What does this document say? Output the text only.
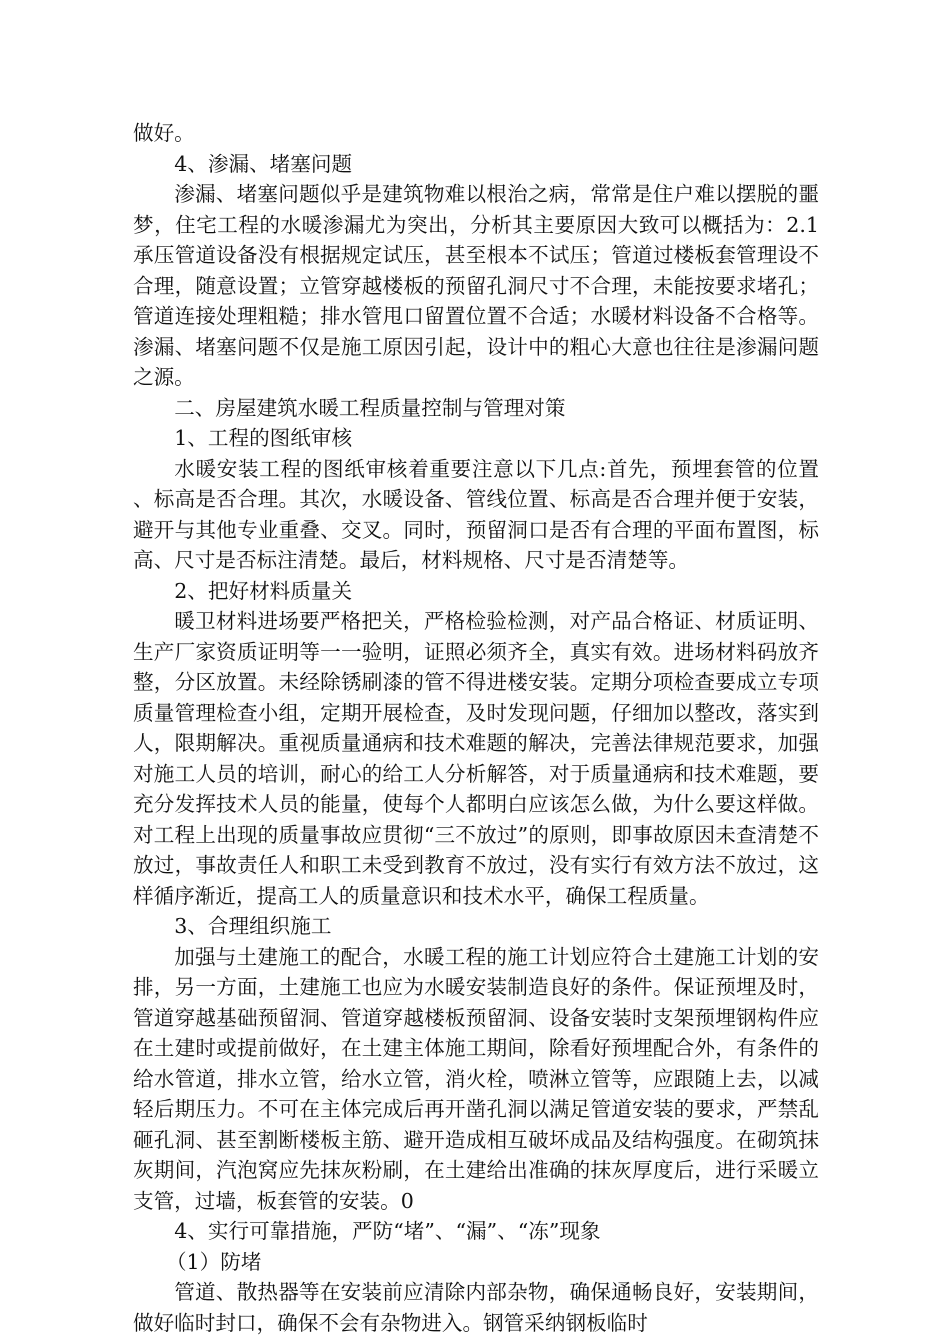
做好。

4、渗漏、堵塞问题

渗漏、堵塞问题似乎是建筑物难以根治之病，常常是住户难以摆脱的噩梦，住宅工程的水暖渗漏尤为突出，分析其主要原因大致可以概括为：2.1承压管道设备没有根据规定试压，甚至根本不试压；管道过楼板套管理设不合理，随意设置；立管穿越楼板的预留孔洞尺寸不合理，未能按要求堵孔；管道连接处理粗糙；排水管甩口留置位置不合适；水暖材料设备不合格等。渗漏、堵塞问题不仅是施工原因引起，设计中的粗心大意也往往是渗漏问题之源。

二、房屋建筑水暖工程质量控制与管理对策

1、工程的图纸审核

水暖安装工程的图纸审核着重要注意以下几点:首先，预埋套管的位置、标高是否合理。其次，水暖设备、管线位置、标高是否合理并便于安装，避开与其他专业重叠、交叉。同时，预留洞口是否有合理的平面布置图，标高、尺寸是否标注清楚。最后，材料规格、尺寸是否清楚等。

2、把好材料质量关

暖卫材料进场要严格把关，严格检验检测，对产品合格证、材质证明、生产厂家资质证明等一一验明，证照必须齐全，真实有效。进场材料码放齐整，分区放置。未经除锈刷漆的管不得进楼安装。定期分项检查要成立专项质量管理检查小组，定期开展检查，及时发现问题，仔细加以整改，落实到人，限期解决。重视质量通病和技术难题的解决，完善法律规范要求，加强对施工人员的培训，耐心的给工人分析解答，对于质量通病和技术难题，要充分发挥技术人员的能量，使每个人都明白应该怎么做，为什么要这样做。对工程上出现的质量事故应贯彻“三不放过”的原则，即事故原因未查清楚不放过，事故责任人和职工未受到教育不放过，没有实行有效方法不放过，这样循序渐近，提高工人的质量意识和技术水平，确保工程质量。

3、合理组织施工

加强与土建施工的配合，水暖工程的施工计划应符合土建施工计划的安排，另一方面，土建施工也应为水暖安装制造良好的条件。保证预埋及时，管道穿越基础预留洞、管道穿越楼板预留洞、设备安装时支架预埋钢构件应在土建时或提前做好，在土建主体施工期间，除看好预埋配合外，有条件的给水管道，排水立管，给水立管，消火栓，喷淋立管等，应跟随上去，以减轻后期压力。不可在主体完成后再开凿孔洞以满足管道安装的要求，严禁乱砸孔洞、甚至割断楼板主筋、避开造成相互破坏成品及结构强度。在砌筑抹灰期间，汽泡窝应先抹灰粉刷，在土建给出准确的抹灰厚度后，进行采暖立支管，过墙，板套管的安装。0

4、实行可靠措施，严防“堵”、“漏”、“冻”现象

（1）防堵

管道、散热器等在安装前应清除内部杂物，确保通畅良好，安装期间，做好临时封口，确保不会有杂物进入。钢管采纳钢板临时
